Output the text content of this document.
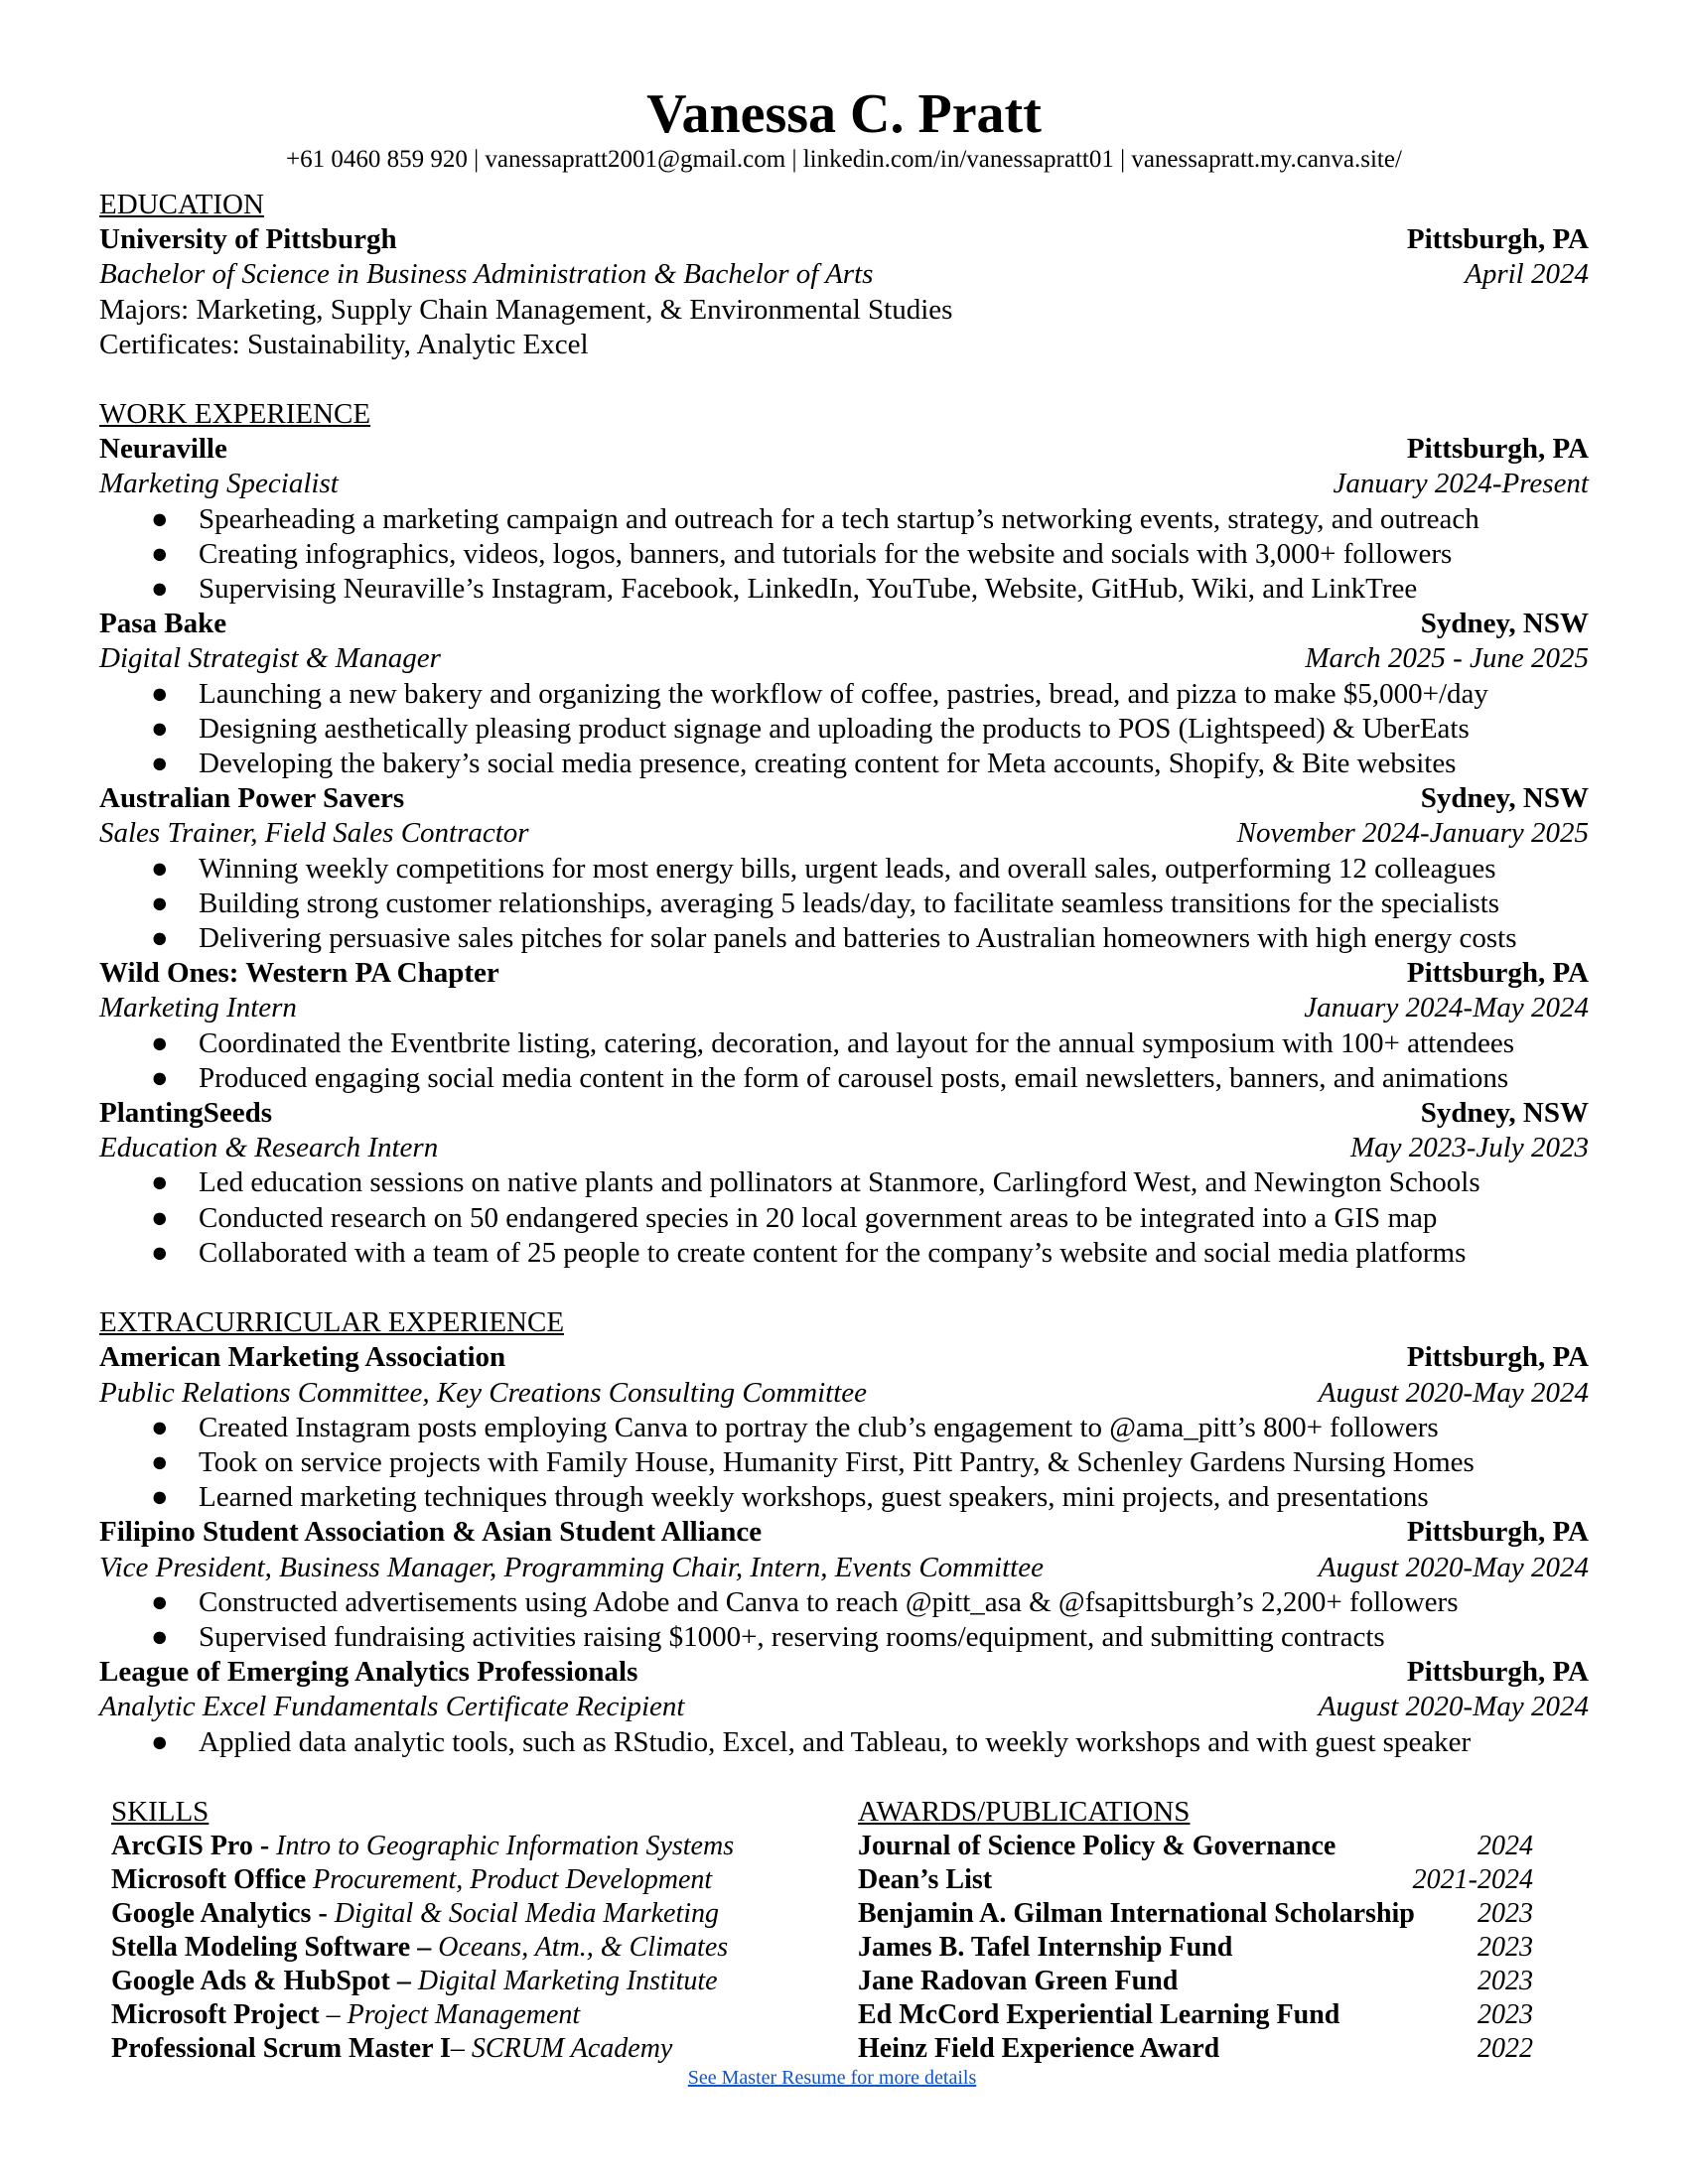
Vanessa C. Pratt
+61 0460 859 920 | vanessapratt2001@gmail.com | linkedin.com/in/vanessapratt01 | vanessapratt.my.canva.site/
EDUCATION
University of Pittsburgh	Pittsburgh, PA
Bachelor of Science in Business Administration & Bachelor of Arts	April 2024
Majors: Marketing, Supply Chain Management, & Environmental Studies
Certificates: Sustainability, Analytic Excel
WORK EXPERIENCE
Neuraville	Pittsburgh, PA
Marketing Specialist	January 2024-Present
● Spearheading a marketing campaign and outreach for a tech startup’s networking events, strategy, and outreach
● Creating infographics, videos, logos, banners, and tutorials for the website and socials with 3,000+ followers
● Supervising Neuraville’s Instagram, Facebook, LinkedIn, YouTube, Website, GitHub, Wiki, and LinkTree
Pasa Bake	Sydney, NSW
Digital Strategist & Manager	March 2025 - June 2025
● Launching a new bakery and organizing the workflow of coffee, pastries, bread, and pizza to make $5,000+/day
● Designing aesthetically pleasing product signage and uploading the products to POS (Lightspeed) & UberEats
● Developing the bakery’s social media presence, creating content for Meta accounts, Shopify, & Bite websites
Australian Power Savers	Sydney, NSW
Sales Trainer, Field Sales Contractor	November 2024-January 2025
● Winning weekly competitions for most energy bills, urgent leads, and overall sales, outperforming 12 colleagues
● Building strong customer relationships, averaging 5 leads/day, to facilitate seamless transitions for the specialists
● Delivering persuasive sales pitches for solar panels and batteries to Australian homeowners with high energy costs
Wild Ones: Western PA Chapter	Pittsburgh, PA
Marketing Intern	January 2024-May 2024
● Coordinated the Eventbrite listing, catering, decoration, and layout for the annual symposium with 100+ attendees
● Produced engaging social media content in the form of carousel posts, email newsletters, banners, and animations
PlantingSeeds	Sydney, NSW
Education & Research Intern	May 2023-July 2023
● Led education sessions on native plants and pollinators at Stanmore, Carlingford West, and Newington Schools
● Conducted research on 50 endangered species in 20 local government areas to be integrated into a GIS map
● Collaborated with a team of 25 people to create content for the company’s website and social media platforms
EXTRACURRICULAR EXPERIENCE
American Marketing Association	Pittsburgh, PA
Public Relations Committee, Key Creations Consulting Committee	August 2020-May 2024
● Created Instagram posts employing Canva to portray the club’s engagement to @ama_pitt’s 800+ followers
● Took on service projects with Family House, Humanity First, Pitt Pantry, & Schenley Gardens Nursing Homes
● Learned marketing techniques through weekly workshops, guest speakers, mini projects, and presentations
Filipino Student Association & Asian Student Alliance	Pittsburgh, PA
Vice President, Business Manager, Programming Chair, Intern, Events Committee	August 2020-May 2024
● Constructed advertisements using Adobe and Canva to reach @pitt_asa & @fsapittsburgh’s 2,200+ followers
● Supervised fundraising activities raising $1000+, reserving rooms/equipment, and submitting contracts
League of Emerging Analytics Professionals	Pittsburgh, PA
Analytic Excel Fundamentals Certificate Recipient	August 2020-May 2024
● Applied data analytic tools, such as RStudio, Excel, and Tableau, to weekly workshops and with guest speaker
SKILLS
ArcGIS Pro - Intro to Geographic Information Systems
Microsoft Office Procurement, Product Development
Google Analytics - Digital & Social Media Marketing
Stella Modeling Software – Oceans, Atm., & Climates
Google Ads & HubSpot – Digital Marketing Institute
Microsoft Project – Project Management
Professional Scrum Master I– SCRUM Academy
AWARDS/PUBLICATIONS
Journal of Science Policy & Governance	2024
Dean’s List	2021-2024
Benjamin A. Gilman International Scholarship 2023
James B. Tafel Internship Fund	2023
Jane Radovan Green Fund	2023
Ed McCord Experiential Learning Fund	2023
Heinz Field Experience Award	2022
See Master Resume for more details
